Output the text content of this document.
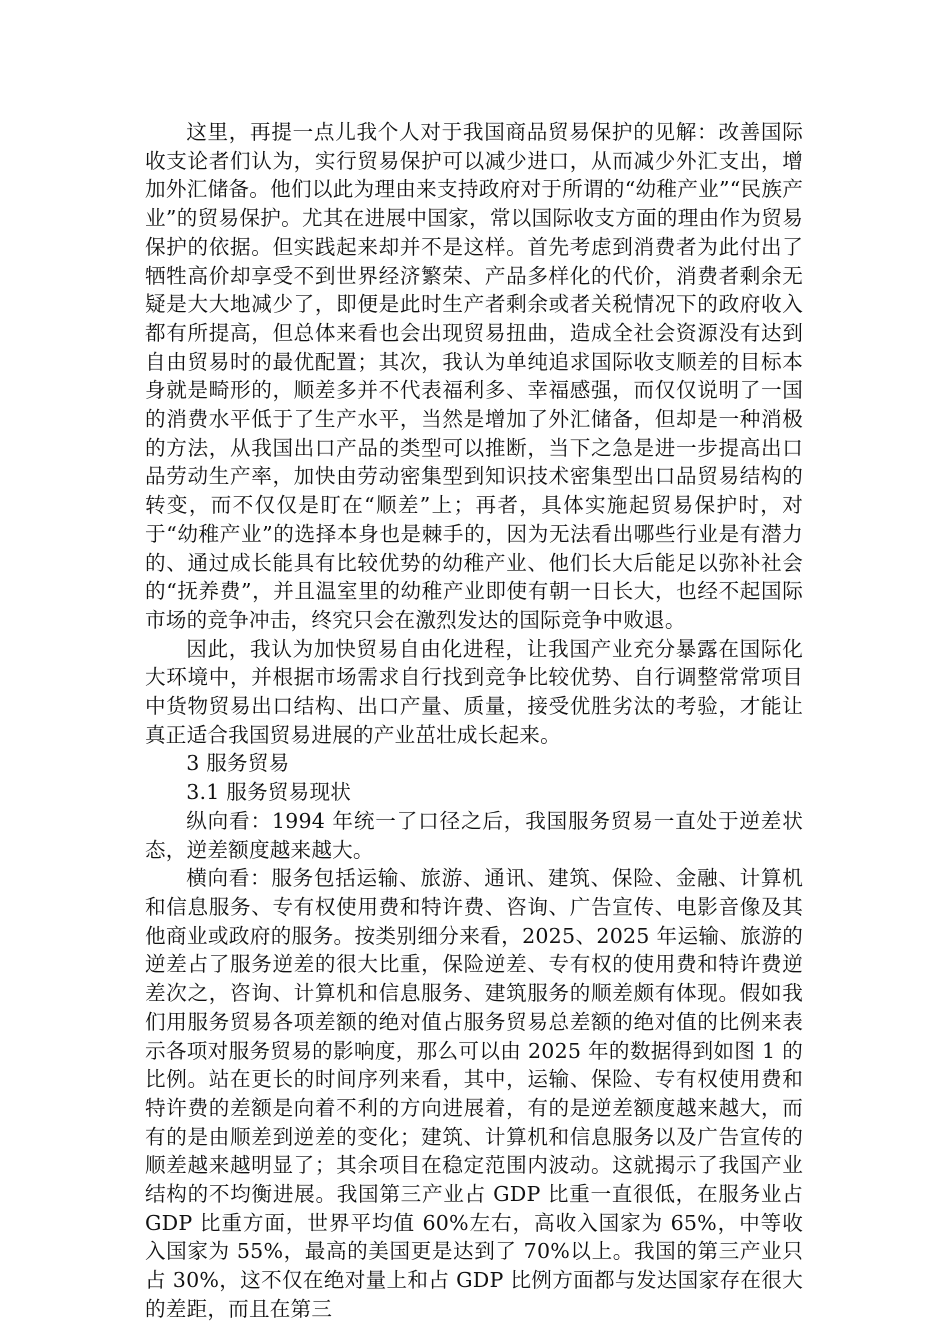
这里，再提一点儿我个人对于我国商品贸易保护的见解：改善国际收支论者们认为，实行贸易保护可以减少进口，从而减少外汇支出，增加外汇储备。他们以此为理由来支持政府对于所谓的“幼稚产业”“民族产业”的贸易保护。尤其在进展中国家，常以国际收支方面的理由作为贸易保护的依据。但实践起来却并不是这样。首先考虑到消费者为此付出了牺牲高价却享受不到世界经济繁荣、产品多样化的代价，消费者剩余无疑是大大地减少了，即便是此时生产者剩余或者关税情况下的政府收入都有所提高，但总体来看也会出现贸易扭曲，造成全社会资源没有达到自由贸易时的最优配置；其次，我认为单纯追求国际收支顺差的目标本身就是畸形的，顺差多并不代表福利多、幸福感强，而仅仅说明了一国的消费水平低于了生产水平，当然是增加了外汇储备，但却是一种消极的方法，从我国出口产品的类型可以推断，当下之急是进一步提高出口品劳动生产率，加快由劳动密集型到知识技术密集型出口品贸易结构的转变，而不仅仅是盯在“顺差”上；再者，具体实施起贸易保护时，对于“幼稚产业”的选择本身也是棘手的，因为无法看出哪些行业是有潜力的、通过成长能具有比较优势的幼稚产业、他们长大后能足以弥补社会的“抚养费”，并且温室里的幼稚产业即使有朝一日长大，也经不起国际市场的竞争冲击，终究只会在激烈发达的国际竞争中败退。

因此，我认为加快贸易自由化进程，让我国产业充分暴露在国际化大环境中，并根据市场需求自行找到竞争比较优势、自行调整常常项目中货物贸易出口结构、出口产量、质量，接受优胜劣汰的考验，才能让真正适合我国贸易进展的产业茁壮成长起来。

3 服务贸易

3.1 服务贸易现状

纵向看：1994 年统一了口径之后，我国服务贸易一直处于逆差状态，逆差额度越来越大。

横向看：服务包括运输、旅游、通讯、建筑、保险、金融、计算机和信息服务、专有权使用费和特许费、咨询、广告宣传、电影音像及其他商业或政府的服务。按类别细分来看，2025、2025 年运输、旅游的逆差占了服务逆差的很大比重，保险逆差、专有权的使用费和特许费逆差次之，咨询、计算机和信息服务、建筑服务的顺差颇有体现。假如我们用服务贸易各项差额的绝对值占服务贸易总差额的绝对值的比例来表示各项对服务贸易的影响度，那么可以由 2025 年的数据得到如图 1 的比例。站在更长的时间序列来看，其中，运输、保险、专有权使用费和特许费的差额是向着不利的方向进展着，有的是逆差额度越来越大，而有的是由顺差到逆差的变化；建筑、计算机和信息服务以及广告宣传的顺差越来越明显了；其余项目在稳定范围内波动。这就揭示了我国产业结构的不均衡进展。我国第三产业占 GDP 比重一直很低，在服务业占 GDP 比重方面，世界平均值 60%左右，高收入国家为 65%，中等收入国家为 55%，最高的美国更是达到了 70%以上。我国的第三产业只占 30%，这不仅在绝对量上和占 GDP 比例方面都与发达国家存在很大的差距，而且在第三
